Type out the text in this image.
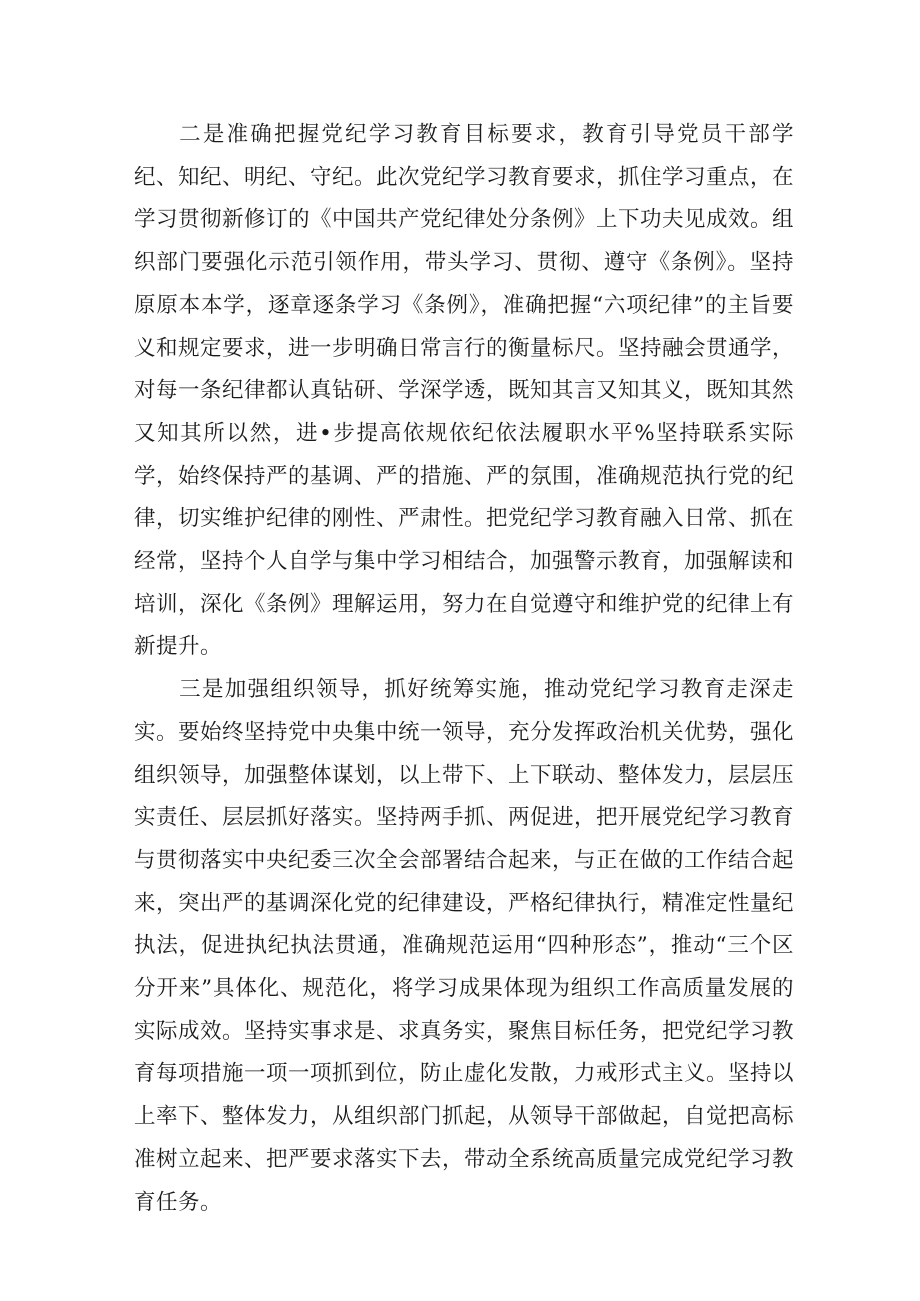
二是准确把握党纪学习教育目标要求，教育引导党员干部学纪、知纪、明纪、守纪。此次党纪学习教育要求，抓住学习重点，在学习贯彻新修订的《中国共产党纪律处分条例》上下功夫见成效。组织部门要强化示范引领作用，带头学习、贯彻、遵守《条例》。坚持原原本本学，逐章逐条学习《条例》，准确把握“六项纪律”的主旨要义和规定要求，进一步明确日常言行的衡量标尺。坚持融会贯通学，对每一条纪律都认真钻研、学深学透，既知其言又知其义，既知其然又知其所以然，进•步提高依规依纪依法履职水平%坚持联系实际学，始终保持严的基调、严的措施、严的氛围，准确规范执行党的纪律，切实维护纪律的刚性、严肃性。把党纪学习教育融入日常、抓在经常，坚持个人自学与集中学习相结合，加强警示教育，加强解读和培训，深化《条例》理解运用，努力在自觉遵守和维护党的纪律上有新提升。

三是加强组织领导，抓好统筹实施，推动党纪学习教育走深走实。要始终坚持党中央集中统一领导，充分发挥政治机关优势，强化组织领导，加强整体谋划，以上带下、上下联动、整体发力，层层压实责任、层层抓好落实。坚持两手抓、两促进，把开展党纪学习教育与贯彻落实中央纪委三次全会部署结合起来，与正在做的工作结合起来，突出严的基调深化党的纪律建设，严格纪律执行，精准定性量纪执法，促进执纪执法贯通，准确规范运用“四种形态”，推动“三个区分开来”具体化、规范化，将学习成果体现为组织工作高质量发展的实际成效。坚持实事求是、求真务实，聚焦目标任务，把党纪学习教育每项措施一项一项抓到位，防止虚化发散，力戒形式主义。坚持以上率下、整体发力，从组织部门抓起，从领导干部做起，自觉把高标准树立起来、把严要求落实下去，带动全系统高质量完成党纪学习教育任务。
